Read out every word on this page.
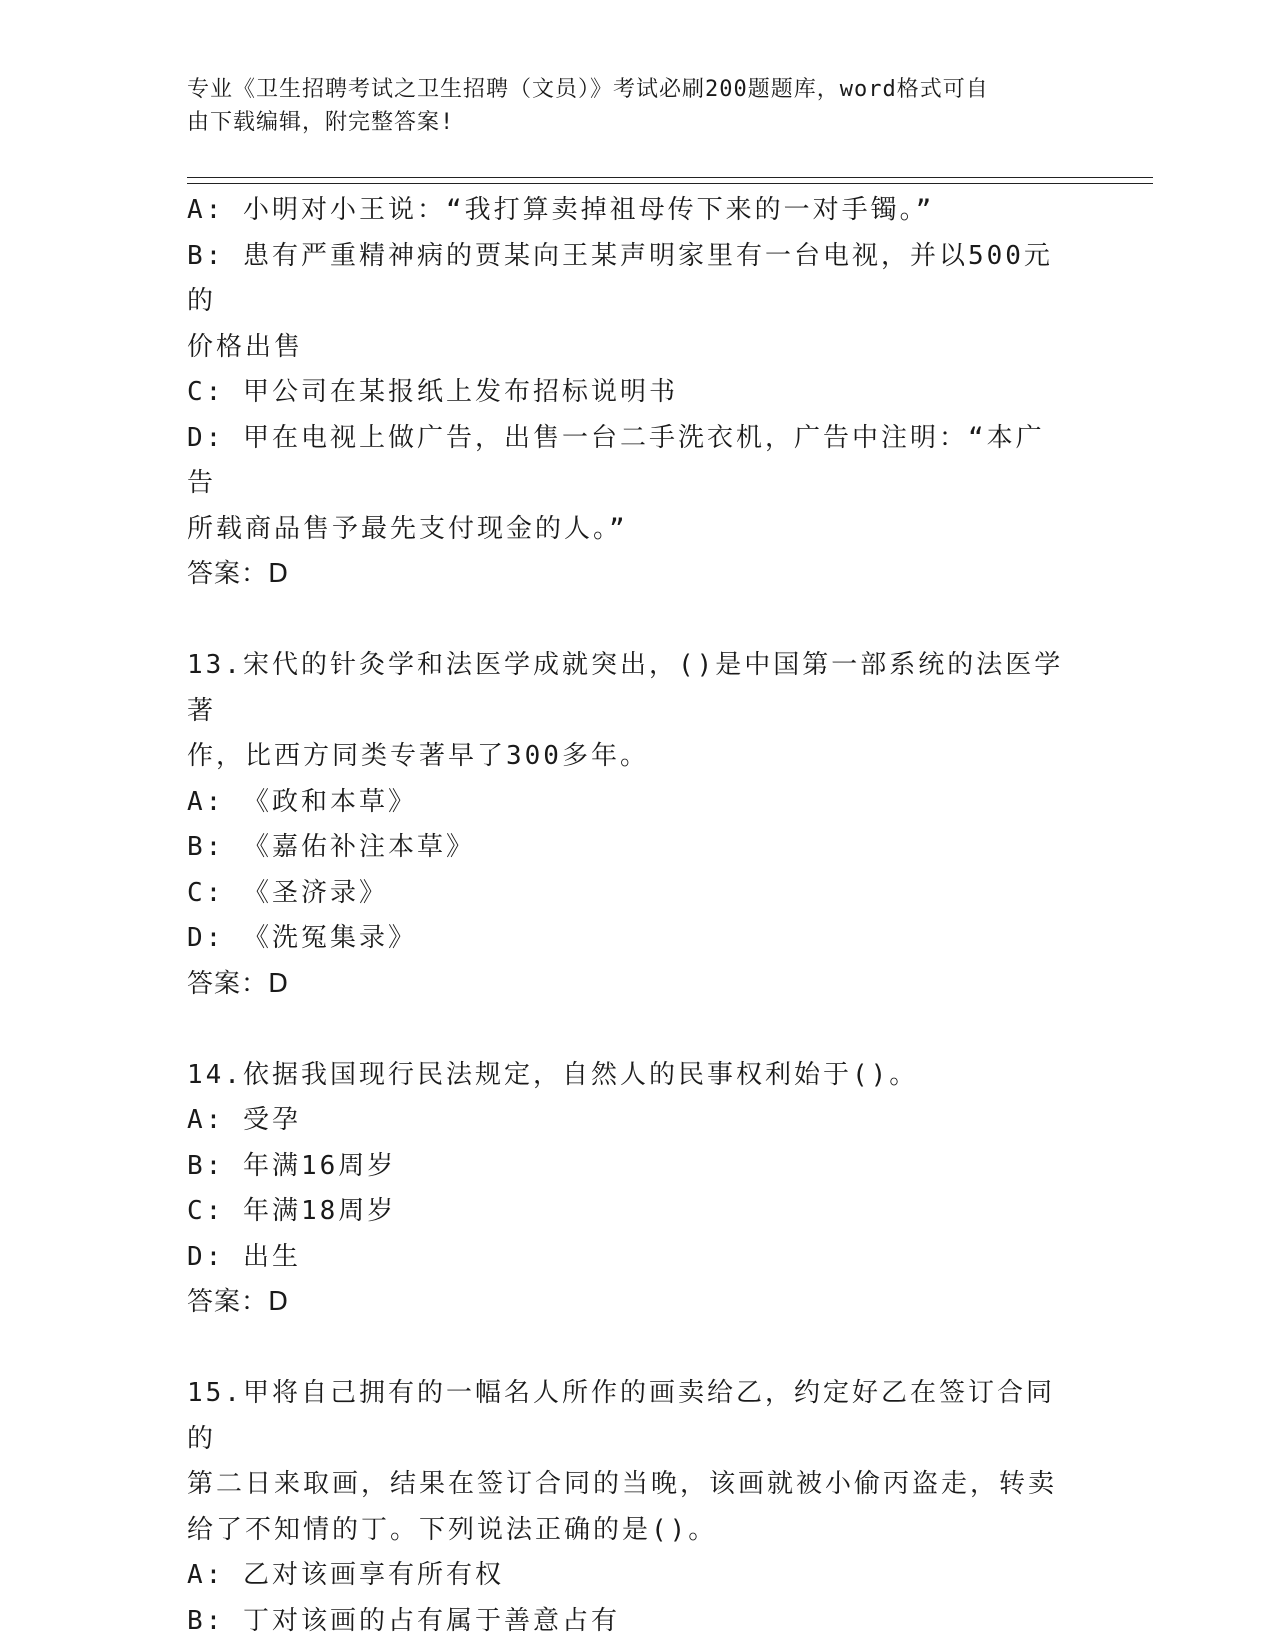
专业《卫生招聘考试之卫生招聘（文员）》考试必刷200题题库，word格式可自
由下载编辑，附完整答案!
A: 小明对小王说：“我打算卖掉祖母传下来的一对手镯。”
B: 患有严重精神病的贾某向王某声明家里有一台电视，并以500元的
价格出售
C: 甲公司在某报纸上发布招标说明书
D: 甲在电视上做广告，出售一台二手洗衣机，广告中注明：“本广告
所载商品售予最先支付现金的人。”
答案：D
13.宋代的针灸学和法医学成就突出，()是中国第一部系统的法医学著
作，比西方同类专著早了300多年。
A: 《政和本草》
B: 《嘉佑补注本草》
C: 《圣济录》
D: 《洗冤集录》
答案：D
14.依据我国现行民法规定，自然人的民事权利始于()。
A: 受孕
B: 年满16周岁
C: 年满18周岁
D: 出生
答案：D
15.甲将自己拥有的一幅名人所作的画卖给乙，约定好乙在签订合同的
第二日来取画，结果在签订合同的当晚，该画就被小偷丙盗走，转卖
给了不知情的丁。下列说法正确的是()。
A: 乙对该画享有所有权
B: 丁对该画的占有属于善意占有
